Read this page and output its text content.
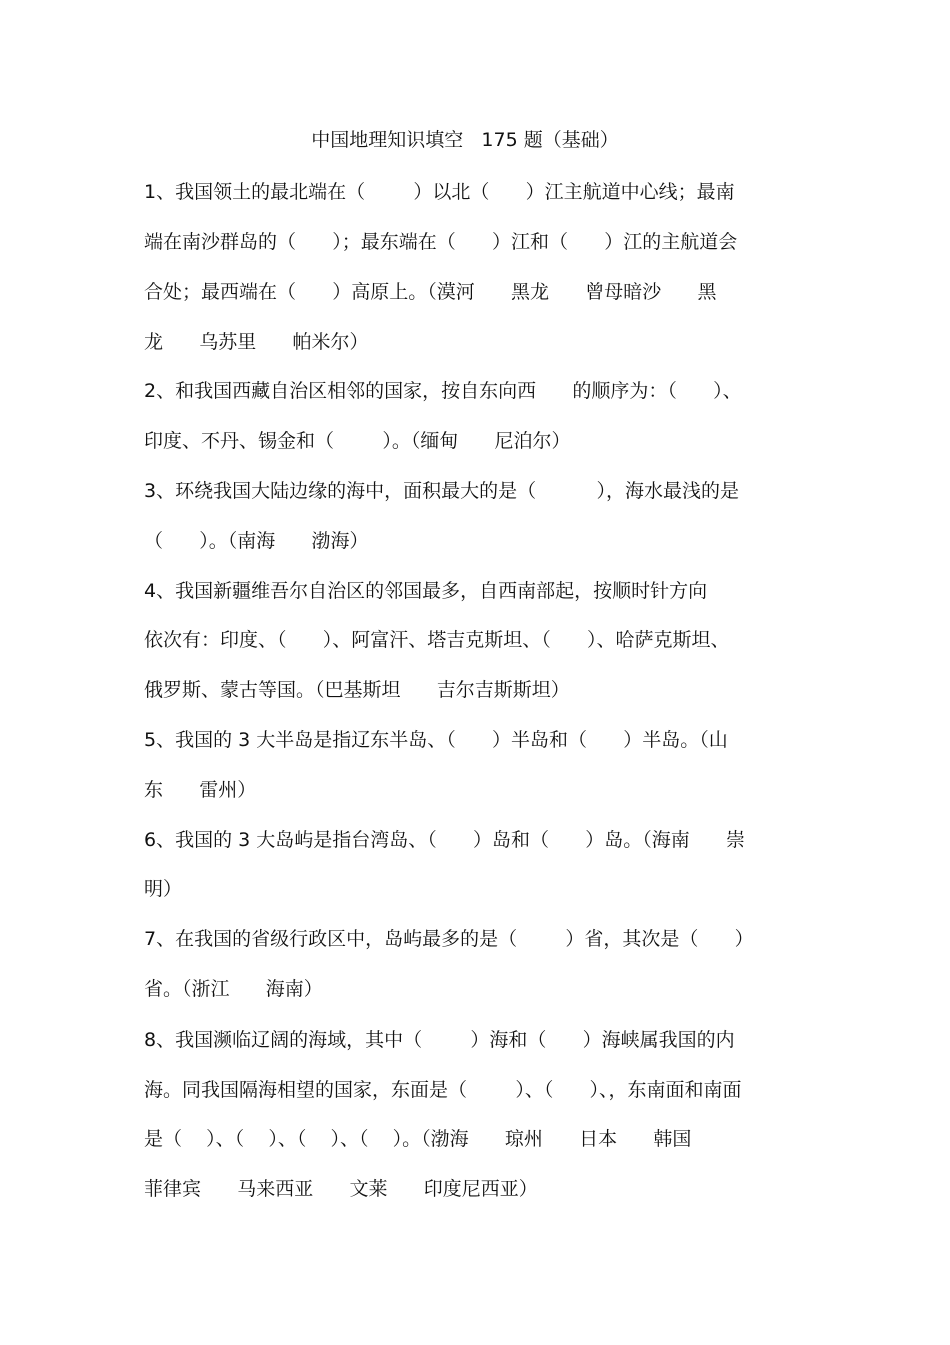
中国地理知识填空   175 题（基础）
1、我国领土的最北端在（        ）以北（      ）江主航道中心线；最南
端在南沙群岛的（      ）；最东端在（      ）江和（      ）江的主航道会
合处；最西端在（      ）高原上。（漠河      黑龙      曾母暗沙      黑
龙      乌苏里      帕米尔）
2、和我国西藏自治区相邻的国家，按自东向西      的顺序为：（      ）、
印度、不丹、锡金和（        ）。（缅甸      尼泊尔）
3、环绕我国大陆边缘的海中，面积最大的是（          ），海水最浅的是
（      ）。（南海      渤海）
4、我国新疆维吾尔自治区的邻国最多，自西南部起，按顺时针方向
依次有：印度、（      ）、阿富汗、塔吉克斯坦、（      ）、哈萨克斯坦、
俄罗斯、蒙古等国。（巴基斯坦      吉尔吉斯斯坦）
5、我国的 3 大半岛是指辽东半岛、（      ）半岛和（      ）半岛。（山
东      雷州）
6、我国的 3 大岛屿是指台湾岛、（      ）岛和（      ）岛。（海南      崇
明）
7、在我国的省级行政区中，岛屿最多的是（        ）省，其次是（      ）
省。（浙江      海南）
8、我国濒临辽阔的海域，其中（        ）海和（      ）海峡属我国的内
海。同我国隔海相望的国家，东面是（        ）、（      ）、，东南面和南面
是（    ）、（    ）、（    ）、（    ）。（渤海      琼州      日本      韩国
菲律宾      马来西亚      文莱      印度尼西亚）
